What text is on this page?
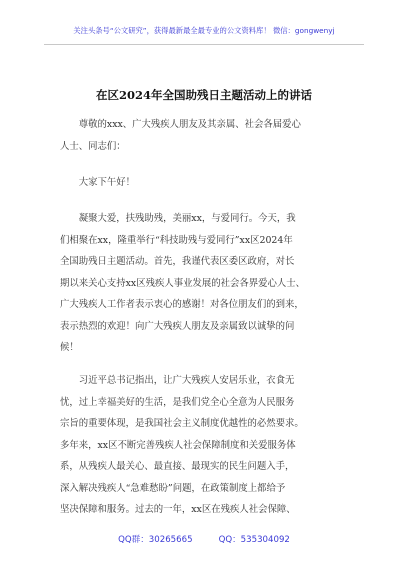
关注头条号“公文研究”，获得最新最全最专业的公文资料库！ 微信：gongwenyj
在区2024年全国助残日主题活动上的讲话
尊敬的xxx、广大残疾人朋友及其亲属、社会各届爱心
人士、同志们：
大家下午好！
凝聚大爱，扶残助残，美丽xx，与爱同行。今天，我
们相聚在xx，隆重举行“科技助残与爱同行”xx区2024年
全国助残日主题活动。首先，我谨代表区委区政府，对长
期以来关心支持xx区残疾人事业发展的社会各界爱心人士、
广大残疾人工作者表示衷心的感谢！对各位朋友们的到来，
表示热烈的欢迎！向广大残疾人朋友及亲属致以诚挚的问
候！
习近平总书记指出，让广大残疾人安居乐业，衣食无
忧，过上幸福美好的生活，是我们党全心全意为人民服务
宗旨的重要体现，是我国社会主义制度优越性的必然要求。
多年来，xx区不断完善残疾人社会保障制度和关爱服务体
系，从残疾人最关心、最直接、最现实的民生问题入手，
深入解决残疾人“急难愁盼”问题，在政策制度上都给予
坚决保障和服务。过去的一年，xx区在残疾人社会保障、
QQ群：30265665	QQ：535304092
